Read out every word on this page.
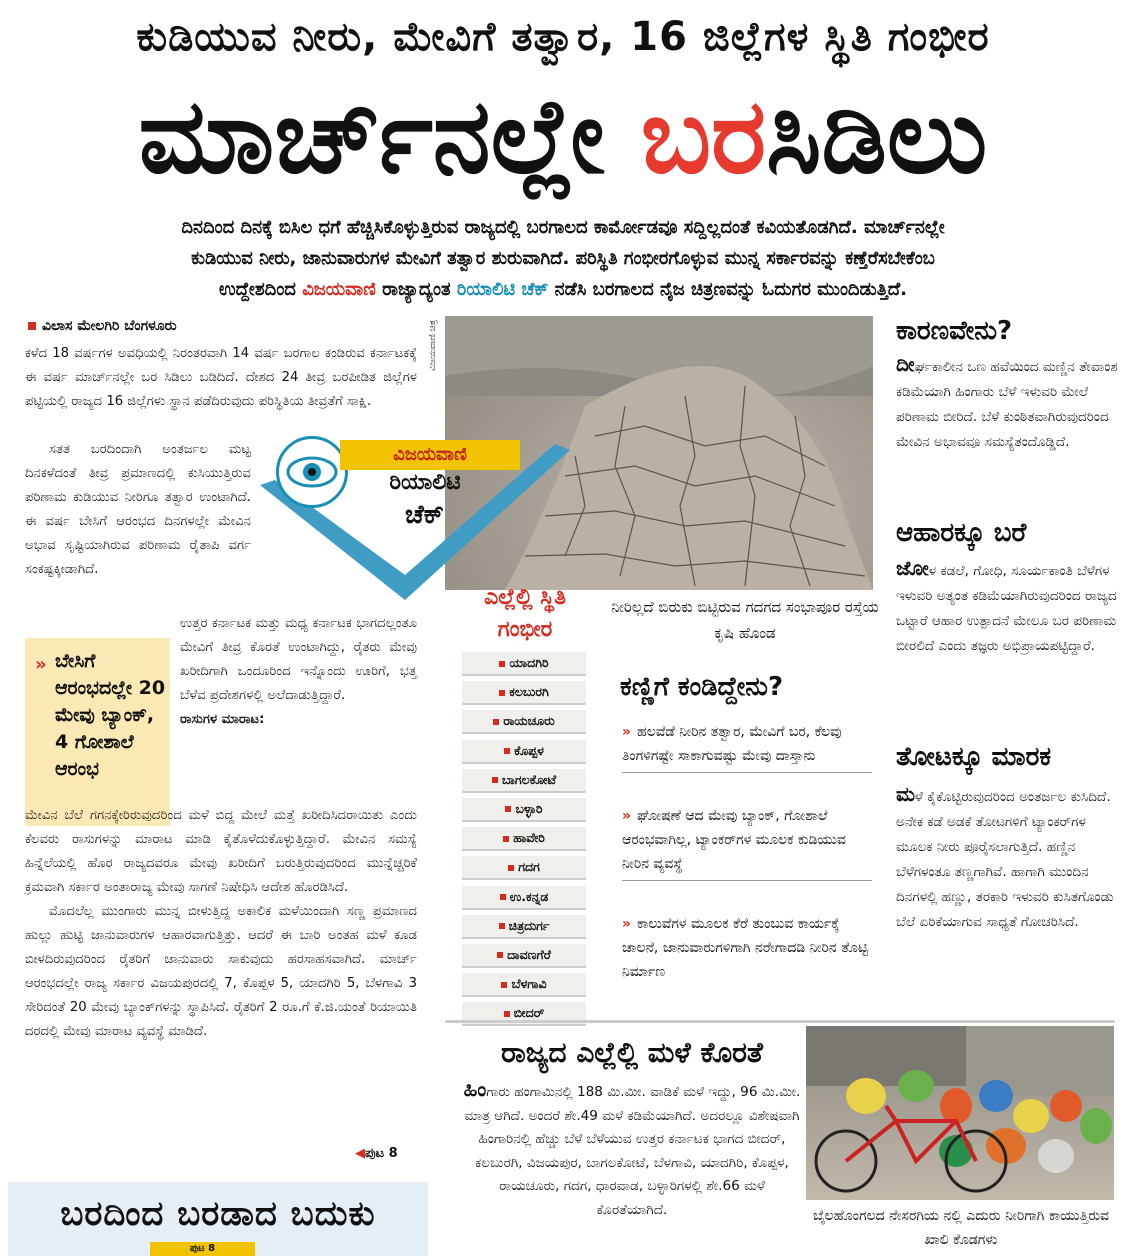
ಕುಡಿಯುವ ನೀರು, ಮೇವಿಗೆ ತತ್ವಾರ, 16 ಜಿಲ್ಲೆಗಳ ಸ್ಥಿತಿ ಗಂಭೀರ
ಮಾರ್ಚ್‌ನಲ್ಲೇ ಬರಸಿಡಿಲು
ದಿನದಿಂದ ದಿನಕ್ಕೆ ಬಿಸಿಲ ಧಗೆ ಹೆಚ್ಚಿಸಿಕೊಳ್ಳುತ್ತಿರುವ ರಾಜ್ಯದಲ್ಲಿ ಬರಗಾಲದ ಕಾರ್ಮೋಡವೂ ಸದ್ದಿಲ್ಲದಂತೆ ಕವಿಯತೊಡಗಿದೆ. ಮಾರ್ಚ್‌ನಲ್ಲೇ
ಕುಡಿಯುವ ನೀರು, ಜಾನುವಾರುಗಳ ಮೇವಿಗೆ ತತ್ವಾರ ಶುರುವಾಗಿದೆ. ಪರಿಸ್ಥಿತಿ ಗಂಭೀರಗೊಳ್ಳುವ ಮುನ್ನ ಸರ್ಕಾರವನ್ನು ಕಣ್ತೆರೆಸಬೇಕೆಂಬ
ಉದ್ದೇಶದಿಂದ ವಿಜಯವಾಣಿ ರಾಜ್ಯಾದ್ಯಂತ ರಿಯಾಲಿಟಿ ಚೆಕ್ ನಡೆಸಿ ಬರಗಾಲದ ನೈಜ ಚಿತ್ರಣವನ್ನು ಓದುಗರ ಮುಂದಿಡುತ್ತಿದೆ.
ವಿಲಾಸ ಮೇಲಗಿರಿ ಬೆಂಗಳೂರು

ಕಳೆದ 18 ವರ್ಷಗಳ ಅವಧಿಯಲ್ಲಿ ನಿರಂತರವಾಗಿ 14 ವರ್ಷ ಬರಗಾಲ ಕಂಡಿರುವ ಕರ್ನಾಟಕಕ್ಕೆ ಈ ವರ್ಷ ಮಾರ್ಚ್‌ನಲ್ಲೇ ಬರ ಸಿಡಿಲು ಬಡಿದಿದೆ. ದೇಶದ 24 ತೀವ್ರ ಬರಪೀಡಿತ ಜಿಲ್ಲೆಗಳ ಪಟ್ಟಿಯಲ್ಲಿ ರಾಜ್ಯದ 16 ಜಿಲ್ಲೆಗಳು ಸ್ಥಾನ ಪಡೆದಿರುವುದು ಪರಿಸ್ಥಿತಿಯ ತೀವ್ರತೆಗೆ ಸಾಕ್ಷಿ.

ಸತತ ಬರದಿಂದಾಗಿ ಅಂತರ್ಜಲ ಮಟ್ಟ ದಿನಕಳೆದಂತೆ ತೀವ್ರ ಪ್ರಮಾಣದಲ್ಲಿ ಕುಸಿಯುತ್ತಿರುವ ಪರಿಣಾಮ ಕುಡಿಯುವ ನೀರಿಗೂ ತತ್ವಾರ ಉಂಟಾಗಿದೆ. ಈ ವರ್ಷ ಬೇಸಿಗೆ ಆರಂಭದ ದಿನಗಳಲ್ಲೇ ಮೇವಿನ ಅಭಾವ ಸೃಷ್ಟಿಯಾಗಿರುವ ಪರಿಣಾಮ ರೈತಾಪಿ ವರ್ಗ ಸಂಕಷ್ಟಕ್ಕೀಡಾಗಿದೆ.

» ಬೇಸಿಗೆ ಆರಂಭದಲ್ಲೇ 20 ಮೇವು ಬ್ಯಾಂಕ್, 4 ಗೋಶಾಲೆ ಆರಂಭ

ಉತ್ತರ ಕರ್ನಾಟಕ ಮತ್ತು ಮಧ್ಯ ಕರ್ನಾಟಕ ಭಾಗದಲ್ಲಂತೂ ಮೇವಿಗೆ ತೀವ್ರ ಕೊರತೆ ಉಂಟಾಗಿದ್ದು, ರೈತರು ಮೇವು ಖರೀದಿಗಾಗಿ ಒಂದೂರಿಂದ ಇನ್ನೊಂದು ಊರಿಗೆ, ಭತ್ತ ಬೆಳೆವ ಪ್ರದೇಶಗಳಲ್ಲಿ ಅಲೆದಾಡುತ್ತಿದ್ದಾರೆ.

ರಾಸುಗಳ ಮಾರಾಟ:

ಮೇವಿನ ಬೆಲೆ ಗಗನಕ್ಕೇರಿರುವುದರಿಂದ ಮಳೆ ಬಿದ್ದ ಮೇಲೆ ಮತ್ತೆ ಖರೀದಿಸಿದರಾಯಿತು ಎಂದು ಕೆಲವರು ರಾಸುಗಳನ್ನು ಮಾರಾಟ ಮಾಡಿ ಕೈತೊಳೆದುಕೊಳ್ಳುತ್ತಿದ್ದಾರೆ. ಮೇವಿನ ಸಮಸ್ಯೆ ಹಿನ್ನೆಲೆಯಲ್ಲಿ ಹೊರ ರಾಜ್ಯದವರೂ ಮೇವು ಖರೀದಿಗೆ ಬರುತ್ತಿರುವುದರಿಂದ ಮುನ್ನೆಚ್ಚರಿಕೆ ಕ್ರಮವಾಗಿ ಸರ್ಕಾರ ಅಂತಾರಾಜ್ಯ ಮೇವು ಸಾಗಣೆ ನಿಷೇಧಿಸಿ ಆದೇಶ ಹೊರಡಿಸಿದೆ.

ಮೊದಲೆಲ್ಲ ಮುಂಗಾರು ಮುನ್ನ ಬೀಳುತ್ತಿದ್ದ ಅಕಾಲಿಕ ಮಳೆಯಿಂದಾಗಿ ಸಣ್ಣ ಪ್ರಮಾಣದ ಹುಲ್ಲು ಹುಟ್ಟಿ ಜಾನುವಾರುಗಳ ಆಹಾರವಾಗುತ್ತಿತ್ತು. ಆದರೆ ಈ ಬಾರಿ ಅಂತಹ ಮಳೆ ಕೂಡ ಬೀಳದಿರುವುದರಿಂದ ರೈತರಿಗೆ ಜಾನುವಾರು ಸಾಕುವುದು ಹರಸಾಹಸವಾಗಿದೆ. ಮಾರ್ಚ್ ಆರಂಭದಲ್ಲೇ ರಾಜ್ಯ ಸರ್ಕಾರ ವಿಜಯಪುರದಲ್ಲಿ 7, ಕೊಪ್ಪಳ 5, ಯಾದಗಿರಿ 5, ಬೆಳಗಾವಿ 3 ಸೇರಿದಂತೆ 20 ಮೇವು ಬ್ಯಾಂಕ್‌ಗಳನ್ನು ಸ್ಥಾಪಿಸಿದೆ. ರೈತರಿಗೆ 2 ರೂ.ಗೆ ಕೆ.ಜಿ.ಯಂತೆ ರಿಯಾಯಿತಿ ದರದಲ್ಲಿ ಮೇವು ಮಾರಾಟ ವ್ಯವಸ್ಥೆ ಮಾಡಿದೆ.

◀ಪುಟ 8
ವಿಜಯವಾಣಿ ಚಿತ್ರ
ವಿಜಯವಾಣಿ
ರಿಯಾಲಿಟಿ
ಚೆಕ್
ಎಲ್ಲೆಲ್ಲಿ ಸ್ಥಿತಿ ಗಂಭೀರ
ಯಾದಗಿರಿ
ಕಲಬುರಗಿ
ರಾಯಚೂರು
ಕೊಪ್ಪಳ
ಬಾಗಲಕೋಟೆ
ಬಳ್ಳಾರಿ
ಹಾವೇರಿ
ಗದಗ
ಉ.ಕನ್ನಡ
ಚಿತ್ರದುರ್ಗ
ದಾವಣಗೆರೆ
ಬೆಳಗಾವಿ
ಬೀದರ್
ನೀರಿಲ್ಲದೆ ಬಿರುಕು ಬಿಟ್ಟಿರುವ ಗದಗದ ಸಂಭಾಪೂರ ರಸ್ತೆಯ ಕೃಷಿ ಹೊಂಡ
ಕಣ್ಣಿಗೆ ಕಂಡಿದ್ದೇನು?
» ಹಲವೆಡೆ ನೀರಿನ ತತ್ವಾರ, ಮೇವಿಗೆ ಬರ, ಕೆಲವು ತಿಂಗಳಿಗಷ್ಟೇ ಸಾಕಾಗುವಷ್ಟು ಮೇವು ದಾಸ್ತಾನು
» ಘೋಷಣೆ ಆದ ಮೇವು ಬ್ಯಾಂಕ್, ಗೋಶಾಲೆ ಆರಂಭವಾಗಿಲ್ಲ, ಟ್ಯಾಂಕರ್‌ಗಳ ಮೂಲಕ ಕುಡಿಯುವ ನೀರಿನ ವ್ಯವಸ್ಥೆ
» ಕಾಲುವೆಗಳ ಮೂಲಕ ಕೆರೆ ತುಂಬುವ ಕಾರ್ಯಕ್ಕೆ ಚಾಲನೆ, ಜಾನುವಾರುಗಳಿಗಾಗಿ ನರೇಗಾದಡಿ ನೀರಿನ ತೊಟ್ಟಿ ನಿರ್ಮಾಣ
ಕಾರಣವೇನು?
ದೀರ್ಘಕಾಲೀನ ಒಣ ಹವೆಯಿಂದ ಮಣ್ಣಿನ ತೇವಾಂಶ ಕಡಿಮೆಯಾಗಿ ಹಿಂಗಾರು ಬೆಳೆ ಇಳುವರಿ ಮೇಲೆ ಪರಿಣಾಮ ಬೀರಿದೆ. ಬೆಳೆ ಕುಂಠಿತವಾಗಿರುವುದರಿಂದ ಮೇವಿನ ಅಭಾವವೂ ಸಮಸ್ಯೆತಂದೊಡ್ಡಿದೆ.
ಆಹಾರಕ್ಕೂ ಬರೆ
ಜೋಳ ಕಡಲೆ, ಗೋಧಿ, ಸೂರ್ಯಕಾಂತಿ ಬೆಳೆಗಳ ಇಳುವರಿ ಅತ್ಯಂತ ಕಡಿಮೆಯಾಗಿರುವುದರಿಂದ ರಾಜ್ಯದ ಒಟ್ಟಾರೆ ಆಹಾರ ಉತ್ಪಾದನೆ ಮೇಲೂ ಬರ ಪರಿಣಾಮ ಬೀರಲಿದೆ ಎಂದು ತಜ್ಞರು ಅಭಿಪ್ರಾಯಪಟ್ಟಿದ್ದಾರೆ.
ತೋಟಕ್ಕೂ ಮಾರಕ
ಮಳೆ ಕೈಕೊಟ್ಟಿರುವುದರಿಂದ ಅಂತರ್ಜಲ ಕುಸಿದಿದೆ. ಅನೇಕ ಕಡೆ ಅಡಕೆ ತೋಟಗಳಿಗೆ ಟ್ಯಾಂಕರ್‌ಗಳ ಮೂಲಕ ನೀರು ಪೂರೈಸಲಾಗುತ್ತಿದೆ. ಹಣ್ಣಿನ ಬೆಳೆಗಳಂತೂ ತಣ್ಣಗಾಗಿವೆ. ಹಾಗಾಗಿ ಮುಂದಿನ ದಿನಗಳಲ್ಲಿ ಹಣ್ಣು, ತರಕಾರಿ ಇಳುವರಿ ಕುಸಿತಗೊಂಡು ಬೆಲೆ ಏರಿಕೆಯಾಗುವ ಸಾಧ್ಯತೆ ಗೋಚರಿಸಿದೆ.
ರಾಜ್ಯದ ಎಲ್ಲೆಲ್ಲಿ ಮಳೆ ಕೊರತೆ
ಹಿಂಗಾರು ಹಂಗಾಮಿನಲ್ಲಿ 188 ಮಿ.ಮೀ. ವಾಡಿಕೆ ಮಳೆ ಇದ್ದು, 96 ಮಿ.ಮೀ. ಮಾತ್ರ ಆಗಿದೆ. ಅಂದರೆ ಶೇ.49 ಮಳೆ ಕಡಿಮೆಯಾಗಿದೆ. ಅದರಲ್ಲೂ ವಿಶೇಷವಾಗಿ ಹಿಂಗಾರಿನಲ್ಲಿ ಹೆಚ್ಚು ಬೆಳೆ ಬೆಳೆಯುವ ಉತ್ತರ ಕರ್ನಾಟಕ ಭಾಗದ ಬೀದರ್, ಕಲಬುರಗಿ, ವಿಜಯಪುರ, ಬಾಗಲಕೋಟೆ, ಬೆಳಗಾವಿ, ಯಾದಗಿರಿ, ಕೊಪ್ಪಳ, ರಾಯಚೂರು, ಗದಗ, ಧಾರವಾಡ, ಬಳ್ಳಾರಿಗಳಲ್ಲಿ ಶೇ.66 ಮಳೆ ಕೊರತೆಯಾಗಿದೆ.	ಬೈಲಹೊಂಗಲದ ನೇಸರಗಿಯ ನಲ್ಲಿ ಎದುರು ನೀರಿಗಾಗಿ ಕಾಯುತ್ತಿರುವ ಖಾಲಿ ಕೊಡಗಳು
ಬರದಿಂದ ಬರಡಾದ ಬದುಕು
ಪುಟ 8
